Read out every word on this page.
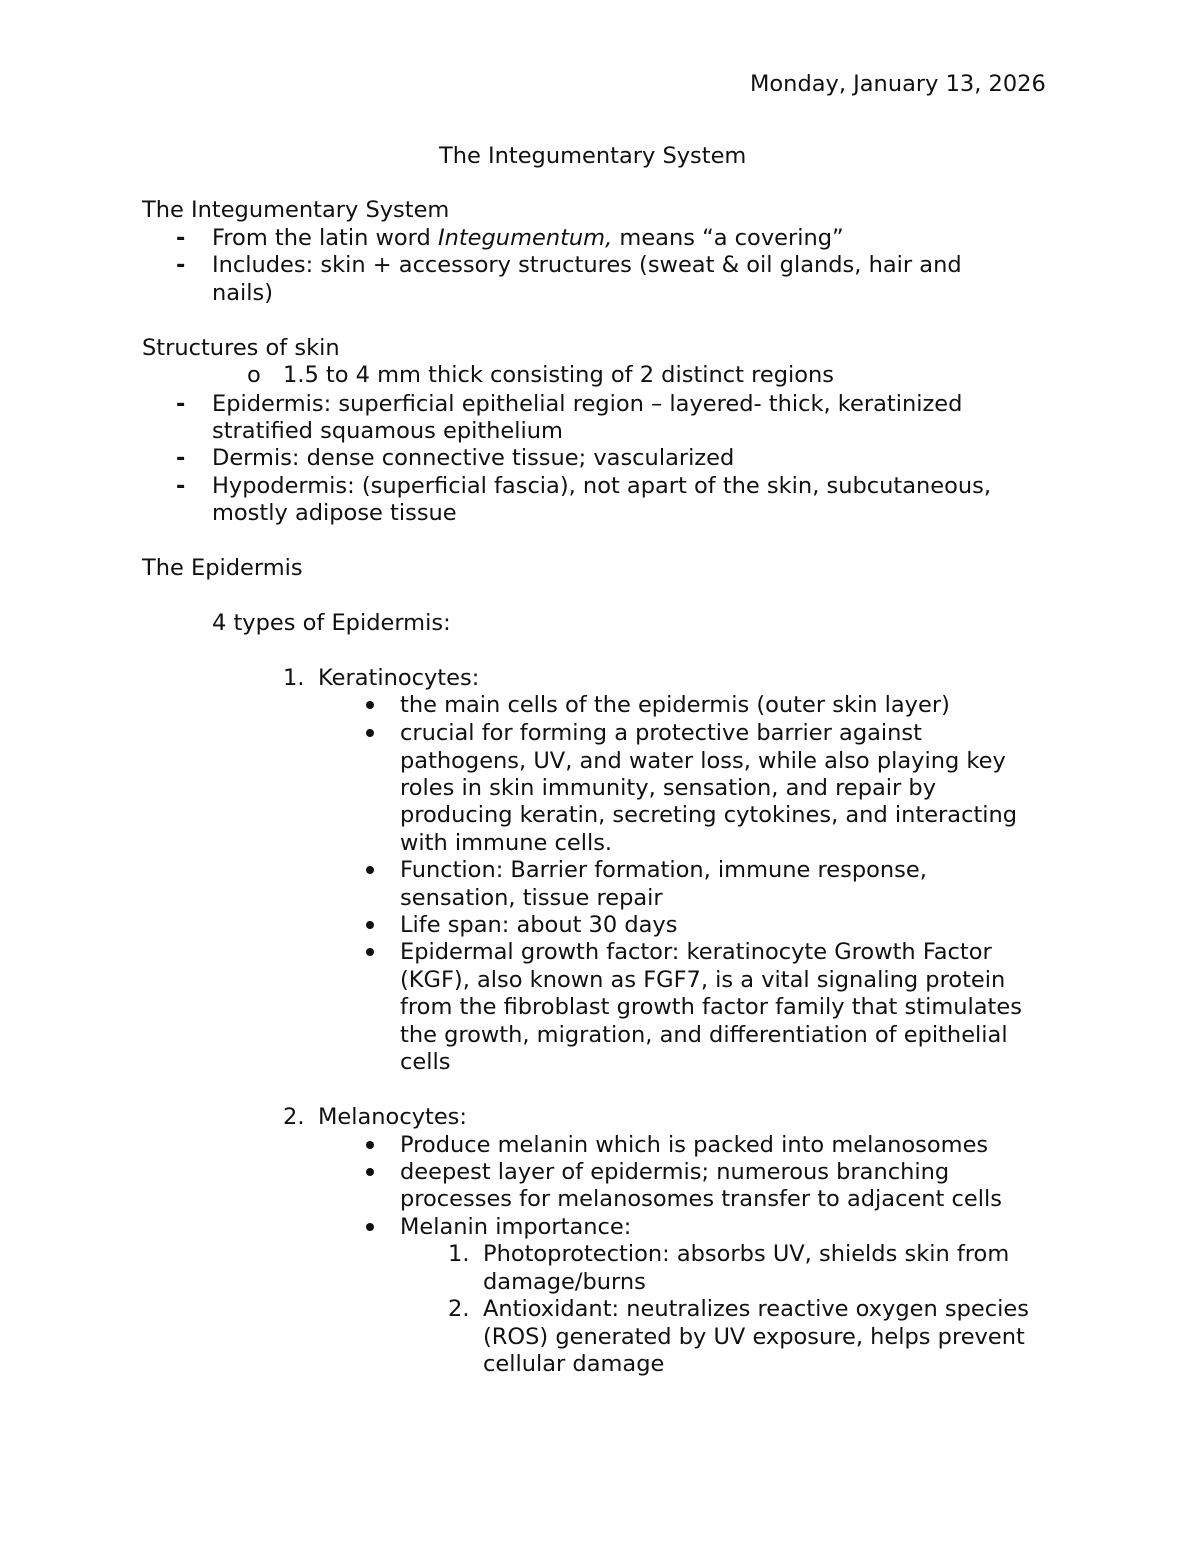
Monday, January 13, 2026
The Integumentary System
The Integumentary System
- From the latin word Integumentum, means “a covering”
- Includes: skin + accessory structures (sweat & oil glands, hair and
nails)
Structures of skin
o 1.5 to 4 mm thick consisting of 2 distinct regions
- Epidermis: superficial epithelial region – layered- thick, keratinized
stratified squamous epithelium
- Dermis: dense connective tissue; vascularized
- Hypodermis: (superficial fascia), not apart of the skin, subcutaneous,
mostly adipose tissue
The Epidermis
4 types of Epidermis:
1. Keratinocytes:
the main cells of the epidermis (outer skin layer)
crucial for forming a protective barrier against
pathogens, UV, and water loss, while also playing key
roles in skin immunity, sensation, and repair by
producing keratin, secreting cytokines, and interacting
with immune cells.
Function: Barrier formation, immune response,
sensation, tissue repair
Life span: about 30 days
Epidermal growth factor: keratinocyte Growth Factor
(KGF), also known as FGF7, is a vital signaling protein
from the fibroblast growth factor family that stimulates
the growth, migration, and differentiation of epithelial
cells
2. Melanocytes:
Produce melanin which is packed into melanosomes
deepest layer of epidermis; numerous branching
processes for melanosomes transfer to adjacent cells
Melanin importance:
1. Photoprotection: absorbs UV, shields skin from
damage/burns
2. Antioxidant: neutralizes reactive oxygen species
(ROS) generated by UV exposure, helps prevent
cellular damage
